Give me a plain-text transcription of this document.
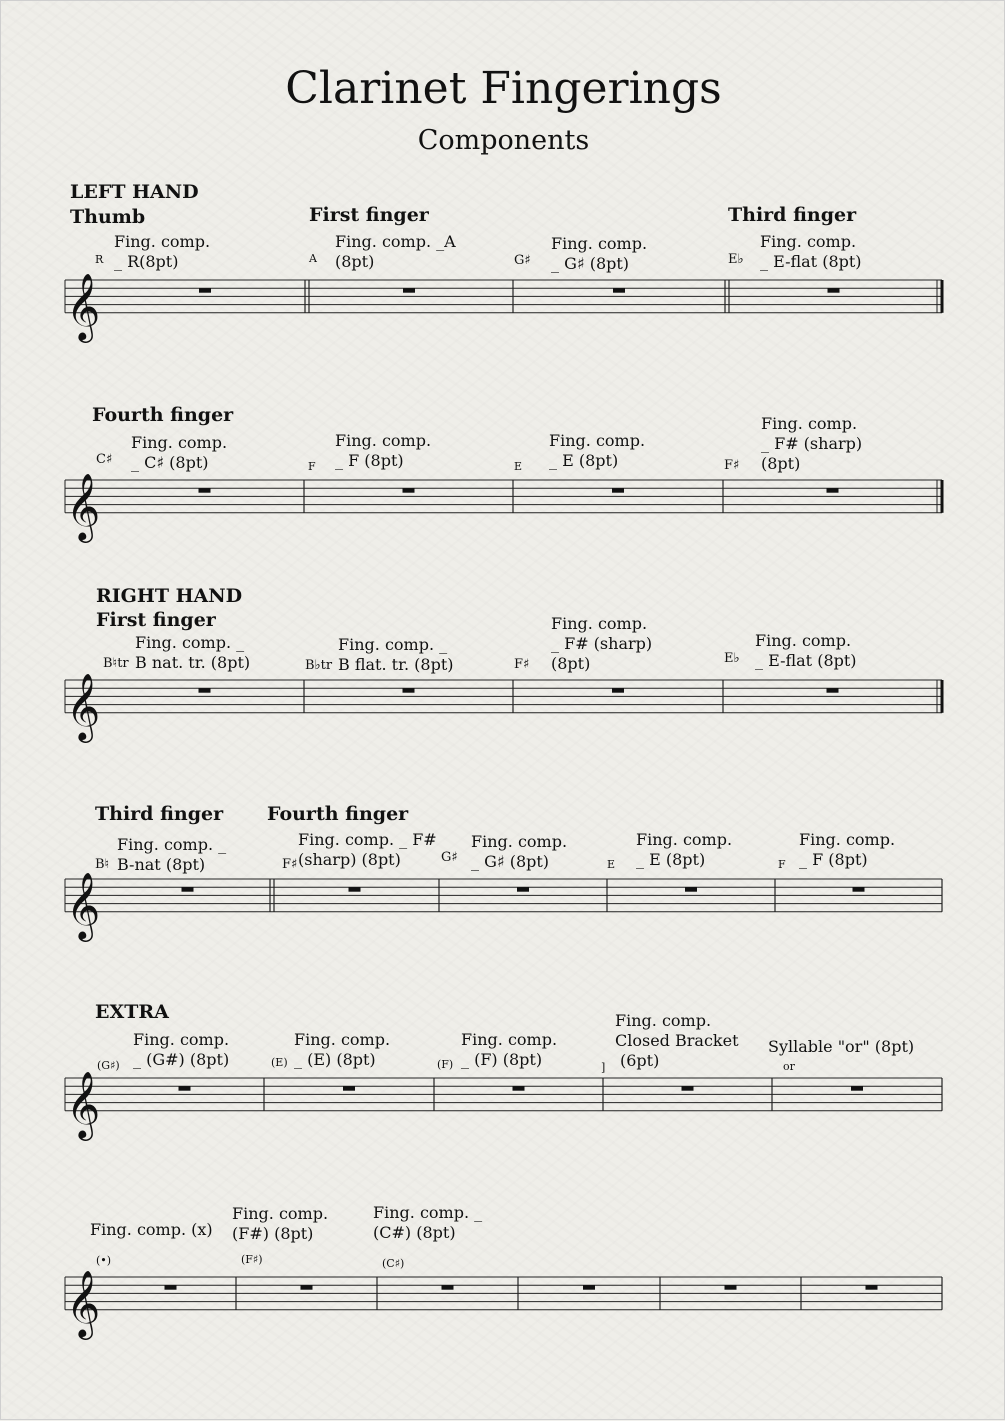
Clarinet Fingerings
Components
𝄞
𝄞
𝄞
𝄞
𝄞
𝄞
LEFT HAND
Thumb	First finger	Third finger
R
Fing. comp.
_ R(8pt)	A
Fing. comp. _A
(8pt)	G♯
Fing. comp.
_ G♯ (8pt)	E♭
Fing. comp.
_ E-flat (8pt)
Fourth finger
C♯
Fing. comp.
_ C♯ (8pt)	F
Fing. comp.
_ F (8pt)	E
Fing. comp.
_ E (8pt)	F♯
Fing. comp.
_ F# (sharp)
(8pt)
RIGHT HAND
First finger
B♮tr
Fing. comp. _
B nat. tr. (8pt)	B♭tr
Fing. comp. _
B flat. tr. (8pt)	F♯
Fing. comp.
_ F# (sharp)
(8pt)	E♭
Fing. comp.
_ E-flat (8pt)
Third finger Fourth finger
B♮
Fing. comp. _
B-nat (8pt)	F♯
Fing. comp. _ F#
(sharp) (8pt)	G♯
Fing. comp.
_ G♯ (8pt)	E
Fing. comp.
_ E (8pt)	F
Fing. comp.
_ F (8pt)
EXTRA
(G♯)
Fing. comp.
_ (G#) (8pt)	(E)
Fing. comp.
_ (E) (8pt)	(F)
Fing. comp.
_ (F) (8pt)	]
Fing. comp.
Closed Bracket
(6pt)	or
Syllable "or" (8pt)
(•)
Fing. comp. (x)
(F♯)
Fing. comp.
(F#) (8pt)
(C♯)
Fing. comp. _
(C#) (8pt)
